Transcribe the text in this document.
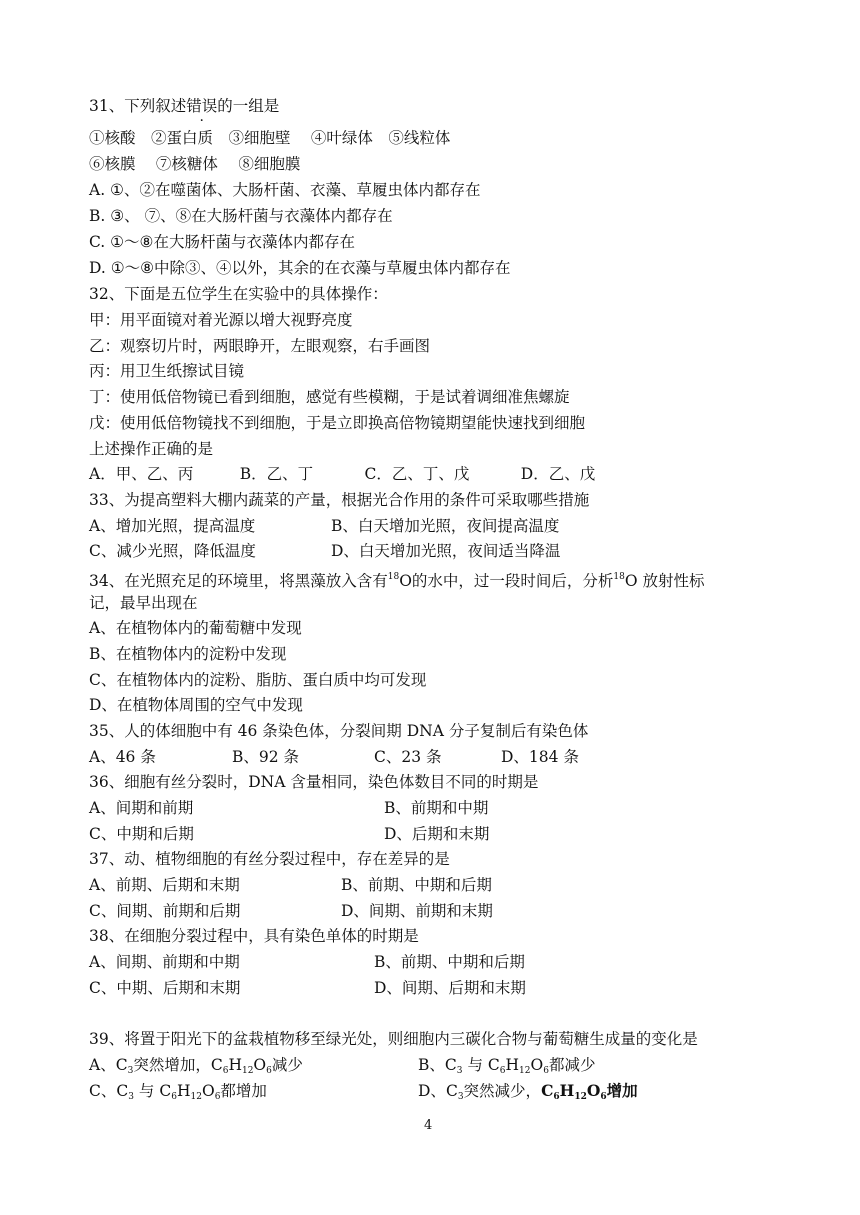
31、下列叙述错误的一组是
①核酸　②蛋白质　③细胞壁　 ④叶绿体　⑤线粒体
⑥核膜　 ⑦核糖体　 ⑧细胞膜
A. ①、②在噬菌体、大肠杆菌、衣藻、草履虫体内都存在
B. ③、 ⑦、⑧在大肠杆菌与衣藻体内都存在
C. ①～⑧在大肠杆菌与衣藻体内都存在
D. ①～⑧中除③、④以外，其余的在衣藻与草履虫体内都存在
32、下面是五位学生在实验中的具体操作：
甲：用平面镜对着光源以增大视野亮度
乙：观察切片时，两眼睁开，左眼观察，右手画图
丙：用卫生纸擦试目镜
丁：使用低倍物镜已看到细胞，感觉有些模糊，于是试着调细准焦螺旋
戊：使用低倍物镜找不到细胞，于是立即换高倍物镜期望能快速找到细胞
上述操作正确的是
A．甲、乙、丙　　　B．乙、丁　　　 C．乙、丁、戊　　　 D．乙、戊
33、为提高塑料大棚内蔬菜的产量，根据光合作用的条件可采取哪些措施
A、增加光照，提高温度	B、白天增加光照，夜间提高温度
C、减少光照，降低温度	D、白天增加光照，夜间适当降温
34、在光照充足的环境里，将黑藻放入含有$^{18}$O的水中，过一段时间后，分析$^{18}$O 放射性标
记，最早出现在
A、在植物体内的葡萄糖中发现
B、在植物体内的淀粉中发现
C、在植物体内的淀粉、脂肪、蛋白质中均可发现
D、在植物体周围的空气中发现
35、人的体细胞中有 46 条染色体，分裂间期 DNA 分子复制后有染色体
A、46 条	B、92 条	C、23 条	D、184 条
36、细胞有丝分裂时，DNA 含量相同，染色体数目不同的时期是
A、间期和前期	B、前期和中期
C、中期和后期	D、后期和末期
37、动、植物细胞的有丝分裂过程中，存在差异的是
A、前期、后期和末期	B、前期、中期和后期
C、间期、前期和后期	D、间期、前期和末期
38、在细胞分裂过程中，具有染色单体的时期是
A、间期、前期和中期	B、前期、中期和后期
C、中期、后期和末期	D、间期、后期和末期
39、将置于阳光下的盆栽植物移至绿光处，则细胞内三碳化合物与葡萄糖生成量的变化是
A、$C_3$突然增加，$C_6H_{12}O_6$减少	B、$C_3$ 与 $C_6H_{12}O_6$都减少
C、$C_3$ 与 $C_6H_{12}O_6$都增加	D、$C_3$突然减少，$C_6H_{12}O_6$增加
4
